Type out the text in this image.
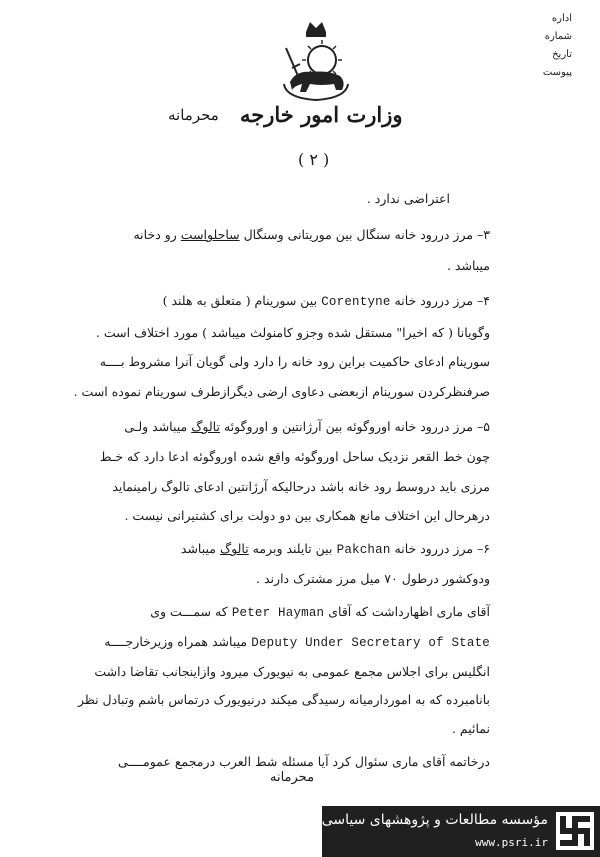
اداره
شماره
تاریخ
پیوست
وزارت امور خارجه
محرمانه
( ۲ )
اعتراضی ندارد .
۳– مرز دررود خانه سنگال بین موریتانی وسنگال ساحلواست رو دخانه
میباشد .
۴– مرز دررود خانه Corentyne بین سورینام ( متعلق به هلند )
وگویانا ( که اخیرا" مستقل شده وجزو کامنولث میباشد ) مورد اختلاف است .
سورینام ادعای حاکمیت براین رود خانه را دارد ولی گویان آنرا مشروط بــــه
صرفنظرکردن سورینام ازبعضی دعاوی ارضی دیگرازطرف سورینام نموده است .
۵– مرز دررود خانه اوروگوئه بین آرژانتین و اوروگوئه تالوگ میباشد ولـی
چون خط القعر نزدیک ساحل اوروگوئه واقع شده اوروگوئه ادعا دارد که خـط
مرزی باید دروسط رود خانه باشد درحالیکه آرژانتین ادعای تالوگ رامینماید
درهرحال این اختلاف مانع همکاری بین دو دولت برای کشتیرانی نیست .
۶– مرز دررود خانه Pakchan بین تایلند وبرمه تالوگ میباشد
ودوکشور درطول ۷۰ میل مرز مشترک دارند .
آقای ماری اظهارداشت که آقای Peter Hayman که سمـــت وی
Deputy Under Secretary of State میباشد همراه وزیرخارجــــه
انگلیس برای اجلاس مجمع عمومی به نیویورک میرود وازاینجانب تقاضا داشت
بانامبرده که به اموردارمیانه رسیدگی میکند درنیویورک درتماس باشم وتبادل نظر
نمائیم .
درخاتمه آقای ماری سئوال کرد آیا مسئله شط العرب درمجمع عمومــــی
محرمانه
مؤسسه مطالعات و پژوهشهای سیاسی
www.psri.ir
